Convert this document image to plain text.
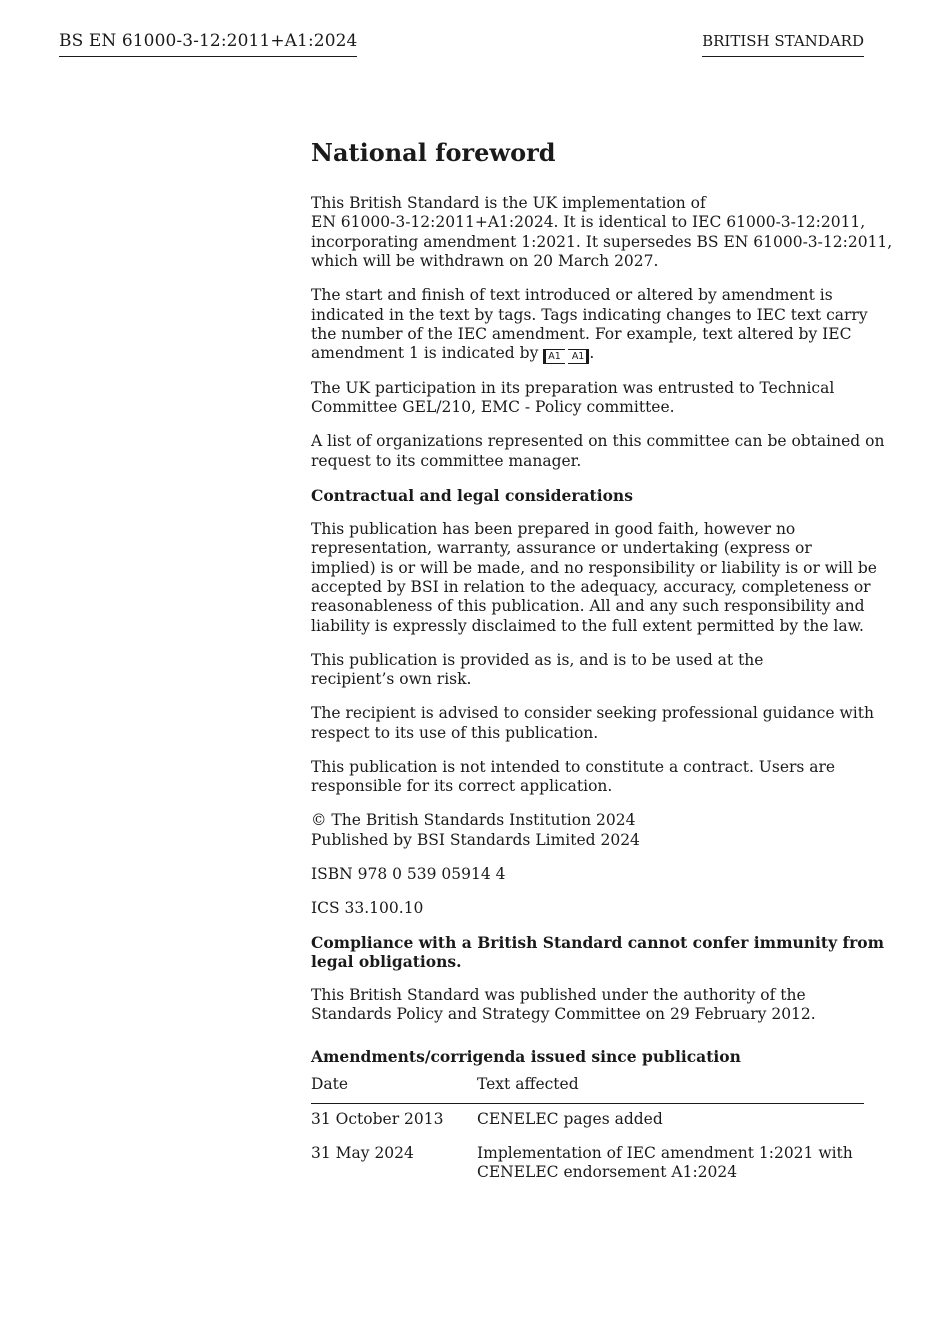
BS EN 61000-3-12:2011+A1:2024	BRITISH STANDARD
National foreword

This British Standard is the UK implementation of
EN 61000-3-12:2011+A1:2024. It is identical to IEC 61000-3-12:2011,
incorporating amendment 1:2021. It supersedes BS EN 61000-3-12:2011,
which will be withdrawn on 20 March 2027.

The start and finish of text introduced or altered by amendment is
indicated in the text by tags. Tags indicating changes to IEC text carry
the number of the IEC amendment. For example, text altered by IEC
amendment 1 is indicated by A1 A1 .

The UK participation in its preparation was entrusted to Technical
Committee GEL/210, EMC - Policy committee.

A list of organizations represented on this committee can be obtained on
request to its committee manager.

Contractual and legal considerations

This publication has been prepared in good faith, however no
representation, warranty, assurance or undertaking (express or
implied) is or will be made, and no responsibility or liability is or will be
accepted by BSI in relation to the adequacy, accuracy, completeness or
reasonableness of this publication. All and any such responsibility and
liability is expressly disclaimed to the full extent permitted by the law.

This publication is provided as is, and is to be used at the
recipient’s own risk.

The recipient is advised to consider seeking professional guidance with
respect to its use of this publication.

This publication is not intended to constitute a contract. Users are
responsible for its correct application.

© The British Standards Institution 2024
Published by BSI Standards Limited 2024

ISBN 978 0 539 05914 4

ICS 33.100.10

Compliance with a British Standard cannot confer immunity from
legal obligations.

This British Standard was published under the authority of the
Standards Policy and Strategy Committee on 29 February 2012.

Amendments/corrigenda issued since publication
Date	Text affected
31 October 2013	CENELEC pages added
31 May 2024	Implementation of IEC amendment 1:2021 with
CENELEC endorsement A1:2024
